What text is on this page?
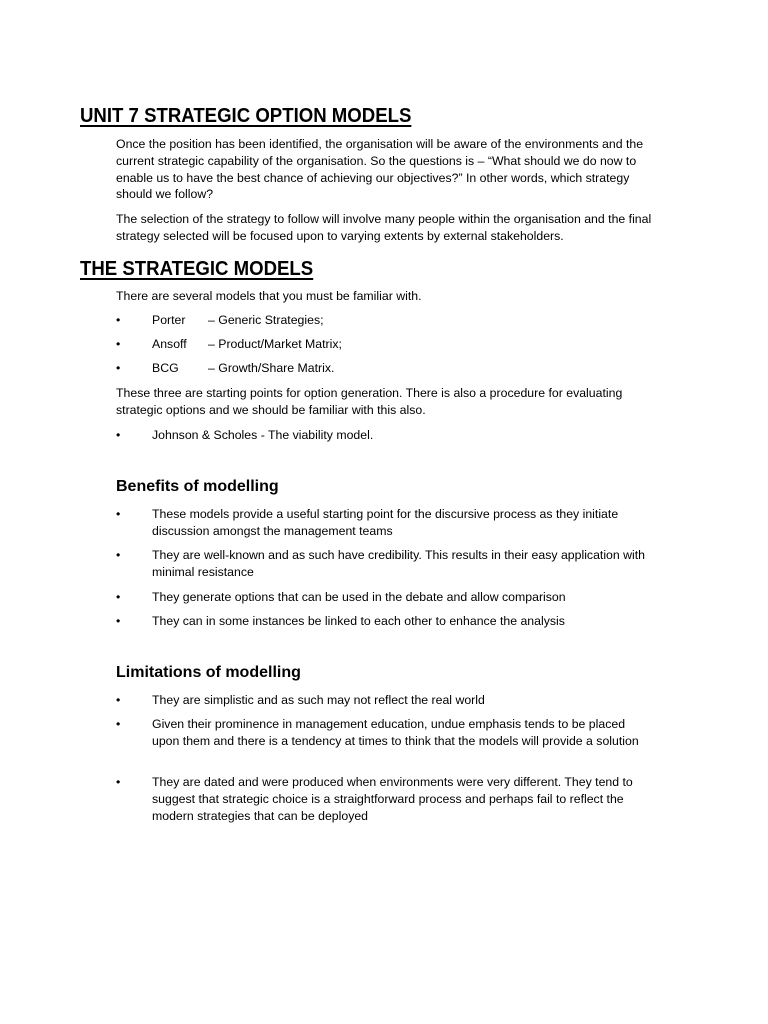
UNIT 7 STRATEGIC OPTION MODELS

Once the position has been identified, the organisation will be aware of the environments and the current strategic capability of the organisation. So the questions is – “What should we do now to enable us to have the best chance of achieving our objectives?” In other words, which strategy should we follow?

The selection of the strategy to follow will involve many people within the organisation and the final strategy selected will be focused upon to varying extents by external stakeholders.

THE STRATEGIC MODELS

There are several models that you must be familiar with.

•	Porter	– Generic Strategies;
•	Ansoff	– Product/Market Matrix;
•	BCG	– Growth/Share Matrix.

These three are starting points for option generation. There is also a procedure for evaluating strategic options and we should be familiar with this also.

•	Johnson & Scholes - The viability model.
Benefits of modelling
•	These models provide a useful starting point for the discursive process as they initiate discussion amongst the management teams
•	They are well-known and as such have credibility. This results in their easy application with minimal resistance
•	They generate options that can be used in the debate and allow comparison
•	They can in some instances be linked to each other to enhance the analysis
Limitations of modelling
•	They are simplistic and as such may not reflect the real world
•	Given their prominence in management education, undue emphasis tends to be placed upon them and there is a tendency at times to think that the models will provide a solution
•	They are dated and were produced when environments were very different. They tend to suggest that strategic choice is a straightforward process and perhaps fail to reflect the modern strategies that can be deployed
